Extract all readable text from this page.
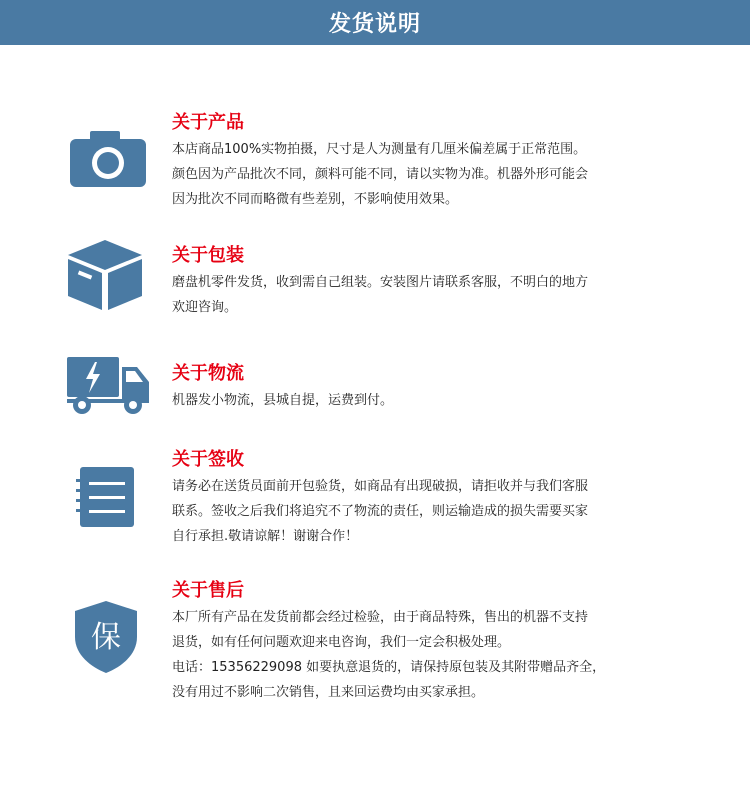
发货说明
关于产品
本店商品100%实物拍摄，尺寸是人为测量有几厘米偏差属于正常范围。
颜色因为产品批次不同，颜料可能不同，请以实物为准。机器外形可能会
因为批次不同而略微有些差别，不影响使用效果。
关于包装
磨盘机零件发货，收到需自己组装。安装图片请联系客服，不明白的地方
欢迎咨询。
关于物流
机器发小物流，县城自提，运费到付。
关于签收
请务必在送货员面前开包验货，如商品有出现破损，请拒收并与我们客服
联系。签收之后我们将追究不了物流的责任，则运输造成的损失需要买家
自行承担.敬请谅解！谢谢合作！
保
关于售后
本厂所有产品在发货前都会经过检验，由于商品特殊，售出的机器不支持
退货，如有任何问题欢迎来电咨询，我们一定会积极处理。
电话：15356229098 如要执意退货的，请保持原包装及其附带赠品齐全，
没有用过不影响二次销售，且来回运费均由买家承担。
